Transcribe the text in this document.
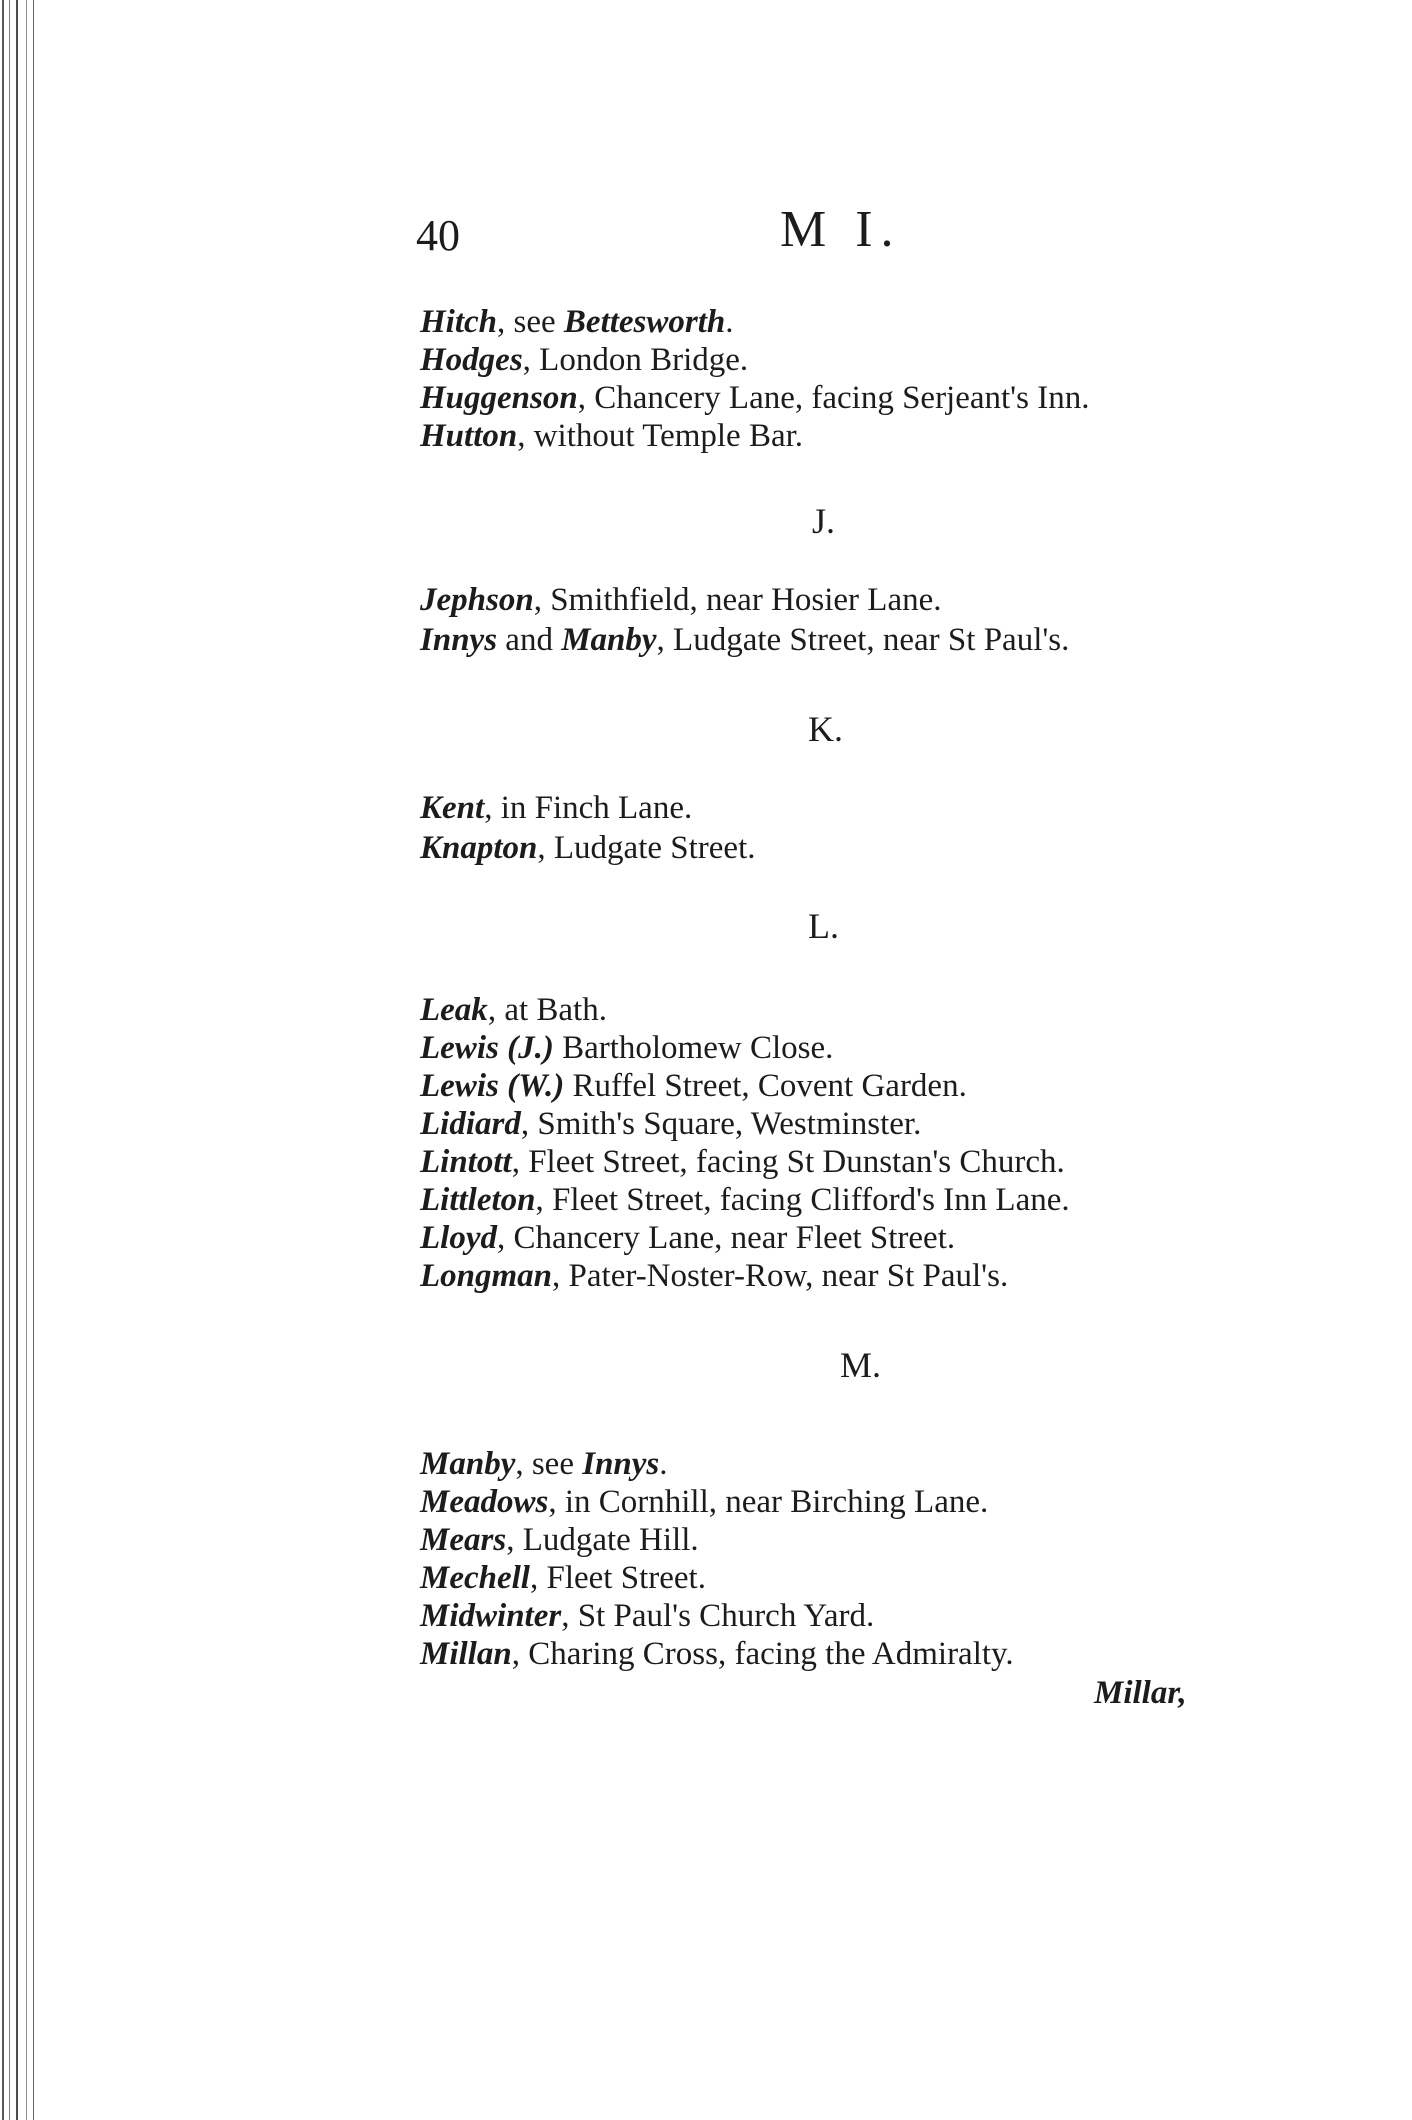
40	M I.
Hitch, see Bettesworth.
Hodges, London Bridge.
Huggenson, Chancery Lane, facing Serjeant's Inn.
Hutton, without Temple Bar.
J.
Jephson, Smithfield, near Hosier Lane.
Innys and Manby, Ludgate Street, near St Paul's.
K.
Kent, in Finch Lane.
Knapton, Ludgate Street.
L.
Leak, at Bath.
Lewis (J.) Bartholomew Close.
Lewis (W.) Ruffel Street, Covent Garden.
Lidiard, Smith's Square, Westminster.
Lintott, Fleet Street, facing St Dunstan's Church.
Littleton, Fleet Street, facing Clifford's Inn Lane.
Lloyd, Chancery Lane, near Fleet Street.
Longman, Pater-Noster-Row, near St Paul's.
M.
Manby, see Innys.
Meadows, in Cornhill, near Birching Lane.
Mears, Ludgate Hill.
Mechell, Fleet Street.
Midwinter, St Paul's Church Yard.
Millan, Charing Cross, facing the Admiralty.
Millar,
